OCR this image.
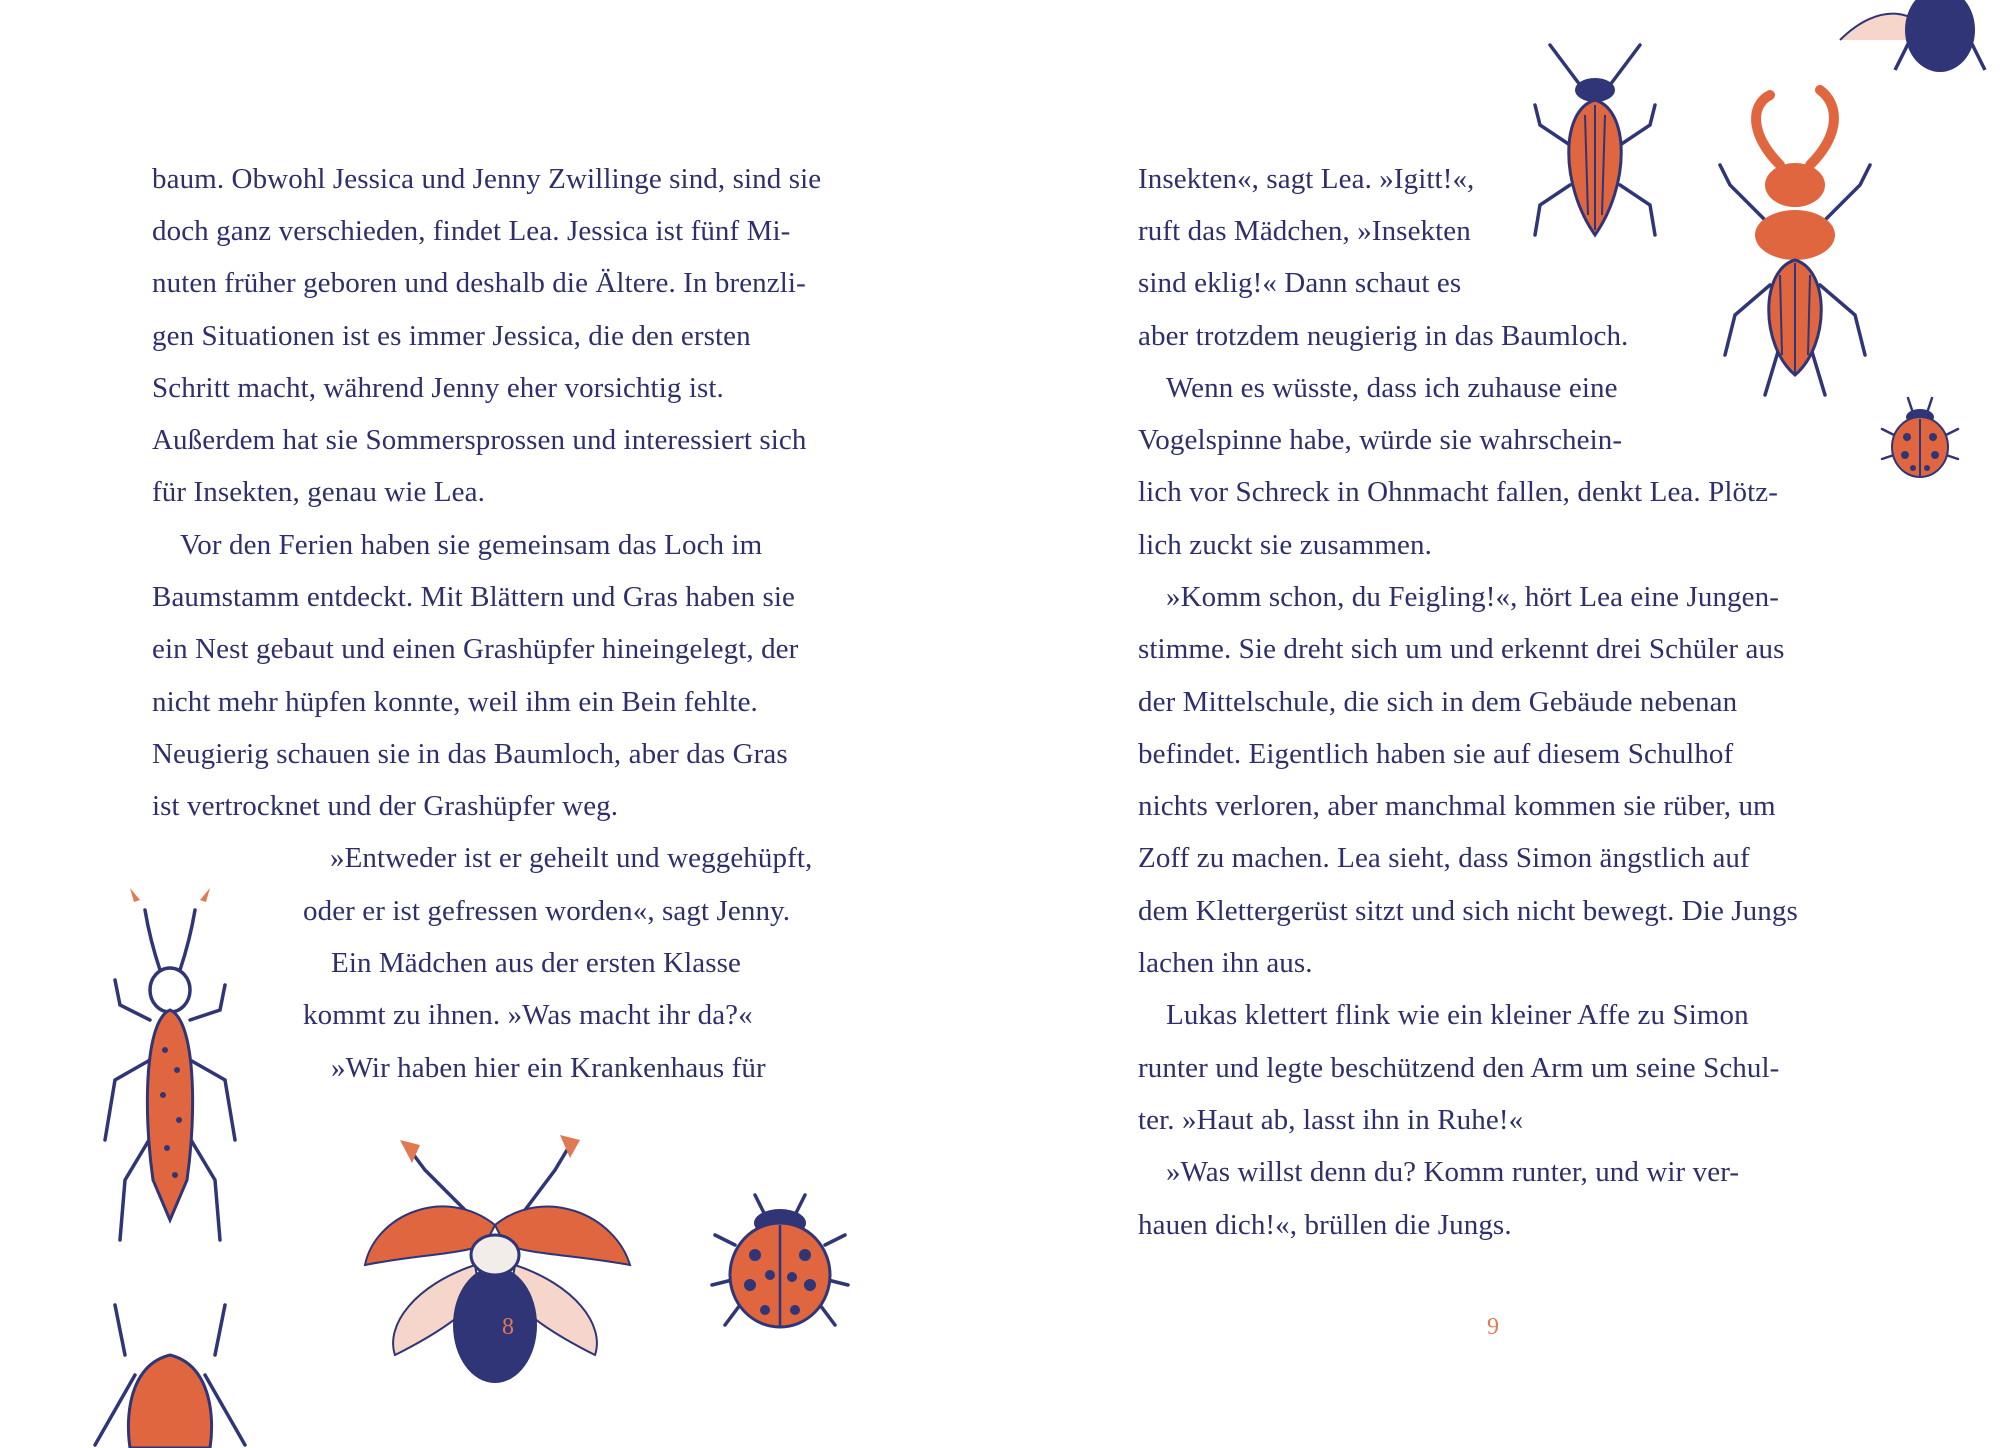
baum. Obwohl Jessica und Jenny Zwillinge sind, sind sie
doch ganz verschieden, findet Lea. Jessica ist fünf Mi-
nuten früher geboren und deshalb die Ältere. In brenzli-
gen Situationen ist es immer Jessica, die den ersten
Schritt macht, während Jenny eher vorsichtig ist.
Außerdem hat sie Sommersprossen und interessiert sich
für Insekten, genau wie Lea.
Vor den Ferien haben sie gemeinsam das Loch im
Baumstamm entdeckt. Mit Blättern und Gras haben sie
ein Nest gebaut und einen Grashüpfer hineingelegt, der
nicht mehr hüpfen konnte, weil ihm ein Bein fehlte.
Neugierig schauen sie in das Baumloch, aber das Gras
ist vertrocknet und der Grashüpfer weg.
»Entweder ist er geheilt und weggehüpft,
oder er ist gefressen worden«, sagt Jenny.
Ein Mädchen aus der ersten Klasse
kommt zu ihnen. »Was macht ihr da?«
»Wir haben hier ein Krankenhaus für
8
Insekten«, sagt Lea. »Igitt!«,
ruft das Mädchen, »Insekten
sind eklig!« Dann schaut es
aber trotzdem neugierig in das Baumloch.
Wenn es wüsste, dass ich zuhause eine
Vogelspinne habe, würde sie wahrschein-
lich vor Schreck in Ohnmacht fallen, denkt Lea. Plötz-
lich zuckt sie zusammen.
»Komm schon, du Feigling!«, hört Lea eine Jungen-
stimme. Sie dreht sich um und erkennt drei Schüler aus
der Mittelschule, die sich in dem Gebäude nebenan
befindet. Eigentlich haben sie auf diesem Schulhof
nichts verloren, aber manchmal kommen sie rüber, um
Zoff zu machen. Lea sieht, dass Simon ängstlich auf
dem Klettergerüst sitzt und sich nicht bewegt. Die Jungs
lachen ihn aus.
Lukas klettert flink wie ein kleiner Affe zu Simon
runter und legte beschützend den Arm um seine Schul-
ter. »Haut ab, lasst ihn in Ruhe!«
»Was willst denn du? Komm runter, und wir ver-
hauen dich!«, brüllen die Jungs.
9
